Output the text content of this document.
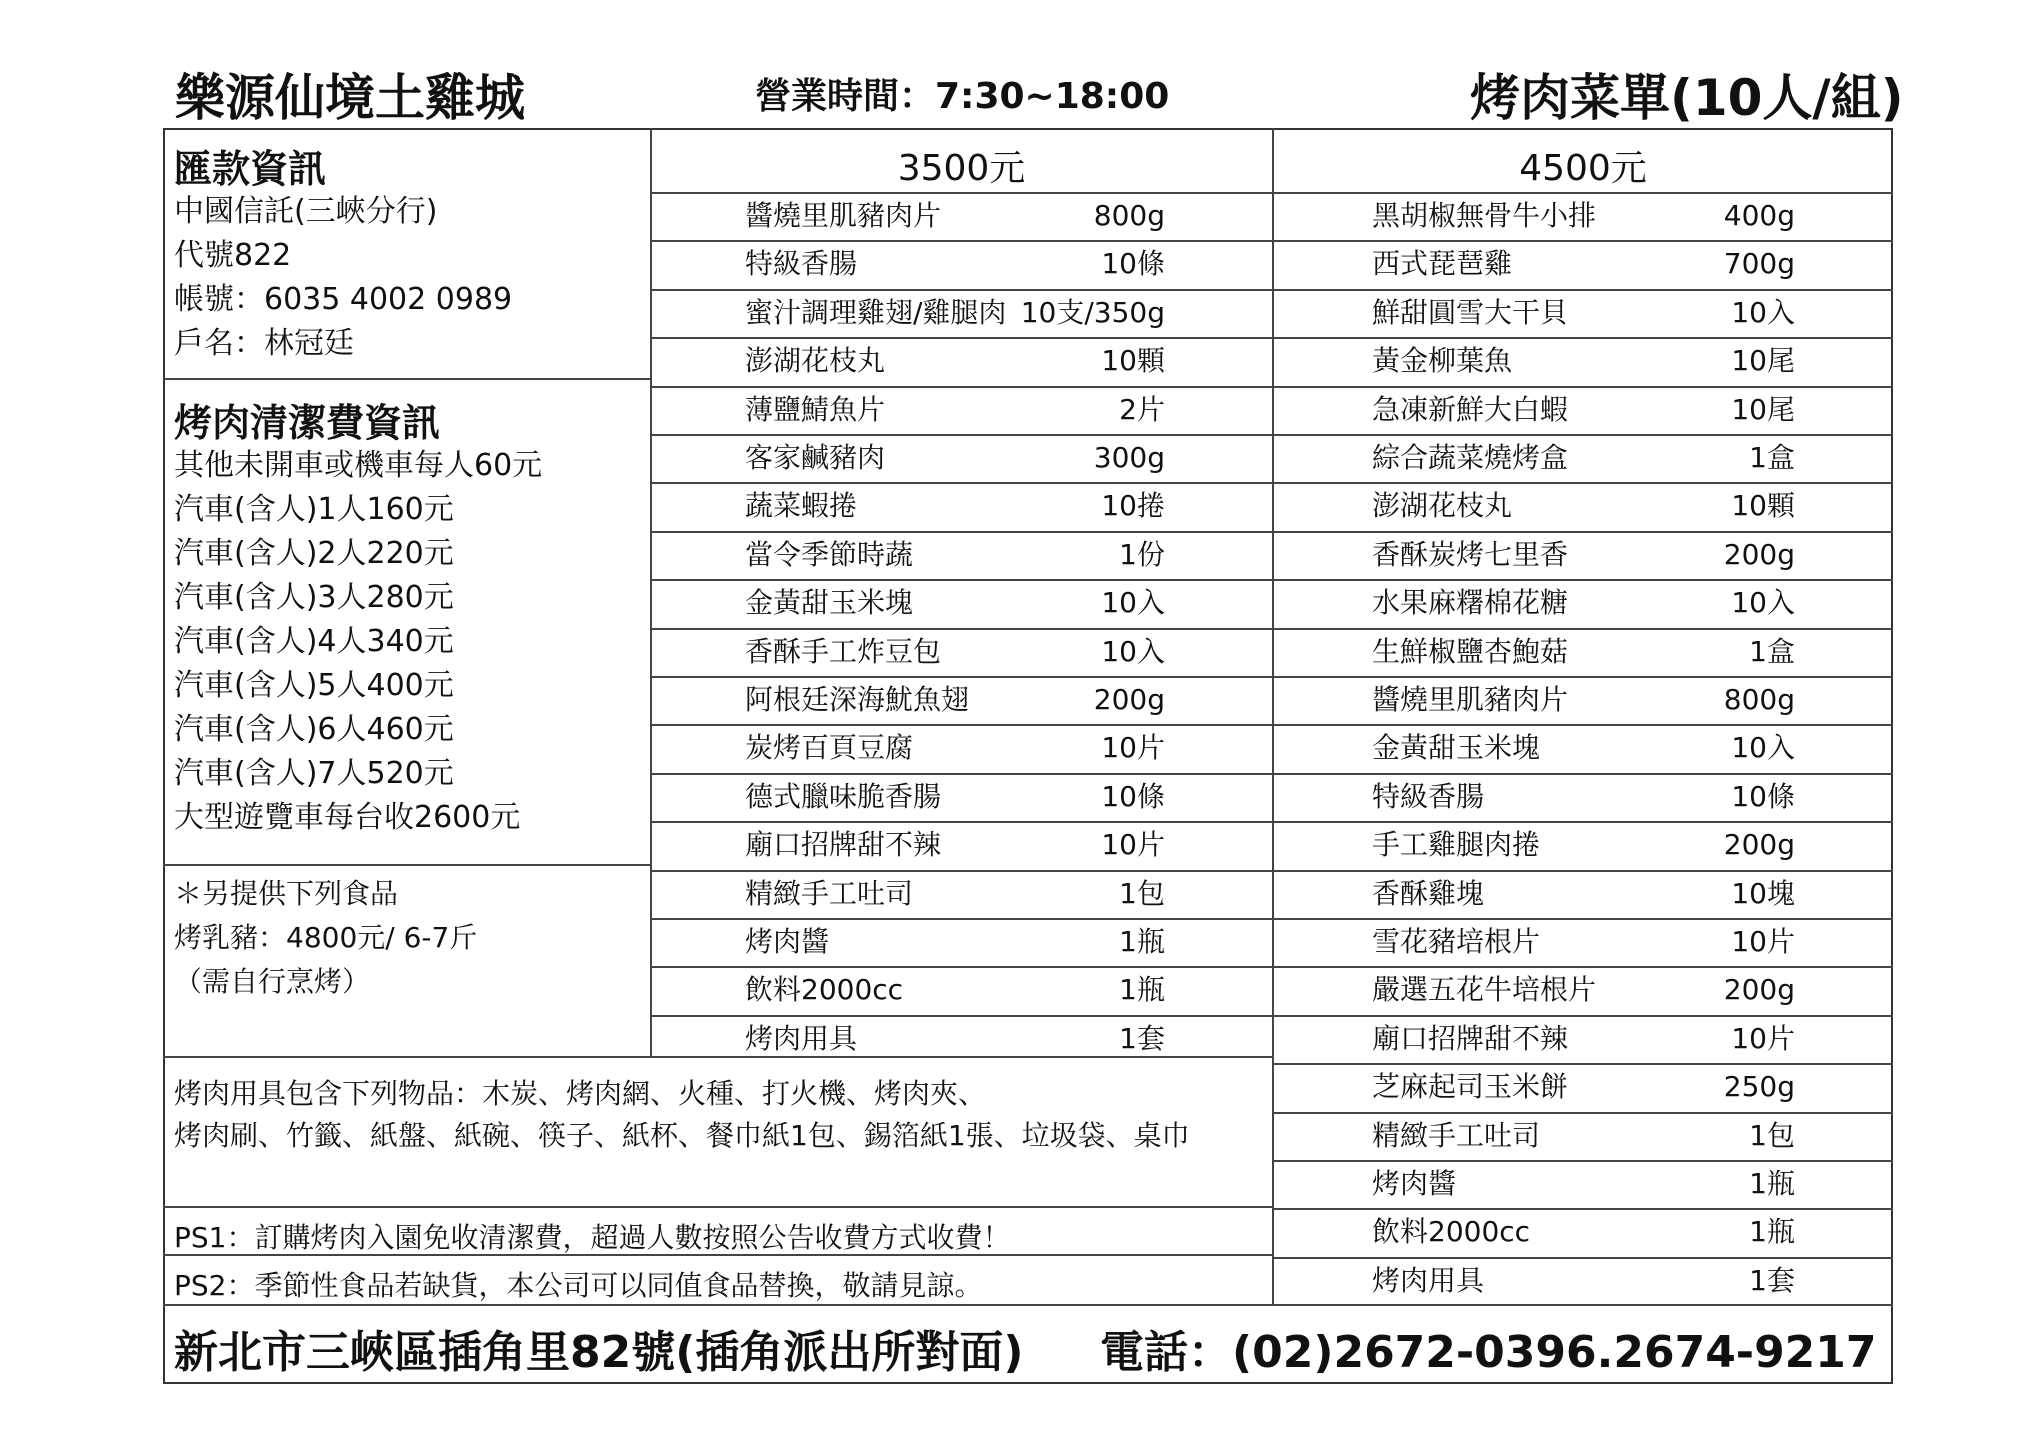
樂源仙境土雞城	營業時間：7:30~18:00	烤肉菜單(10人/組)
匯款資訊
中國信託(三峽分行)
代號822
帳號：6035 4002 0989
戶名：林冠廷
烤肉清潔費資訊
其他未開車或機車每人60元
汽車(含人)1人160元
汽車(含人)2人220元
汽車(含人)3人280元
汽車(含人)4人340元
汽車(含人)5人400元
汽車(含人)6人460元
汽車(含人)7人520元
大型遊覽車每台收2600元
＊另提供下列食品
烤乳豬：4800元/ 6-7斤
（需自行烹烤）
3500元	4500元
醬燒里肌豬肉片	800g
特級香腸	10條
蜜汁調理雞翅/雞腿肉 10支/350g
澎湖花枝丸	10顆
薄鹽鯖魚片	2片
客家鹹豬肉	300g
蔬菜蝦捲	10捲
當令季節時蔬	1份
金黃甜玉米塊	10入
香酥手工炸豆包	10入
阿根廷深海魷魚翅	200g
炭烤百頁豆腐	10片
德式臘味脆香腸	10條
廟口招牌甜不辣	10片
精緻手工吐司	1包
烤肉醬	1瓶
飲料2000cc	1瓶
烤肉用具	1套
黑胡椒無骨牛小排	400g
西式琵琶雞	700g
鮮甜圓雪大干貝	10入
黃金柳葉魚	10尾
急凍新鮮大白蝦	10尾
綜合蔬菜燒烤盒	1盒
澎湖花枝丸	10顆
香酥炭烤七里香	200g
水果麻糬棉花糖	10入
生鮮椒鹽杏鮑菇	1盒
醬燒里肌豬肉片	800g
金黃甜玉米塊	10入
特級香腸	10條
手工雞腿肉捲	200g
香酥雞塊	10塊
雪花豬培根片	10片
嚴選五花牛培根片	200g
廟口招牌甜不辣	10片
芝麻起司玉米餅	250g
精緻手工吐司	1包
烤肉醬	1瓶
飲料2000cc	1瓶
烤肉用具	1套
烤肉用具包含下列物品：木炭、烤肉網、火種、打火機、烤肉夾、
烤肉刷、竹籤、紙盤、紙碗、筷子、紙杯、餐巾紙1包、錫箔紙1張、垃圾袋、桌巾
PS1：訂購烤肉入園免收清潔費，超過人數按照公告收費方式收費！
PS2：季節性食品若缺貨，本公司可以同值食品替換，敬請見諒。
新北市三峽區插角里82號(插角派出所對面) 電話：(02)2672-0396.2674-9217
